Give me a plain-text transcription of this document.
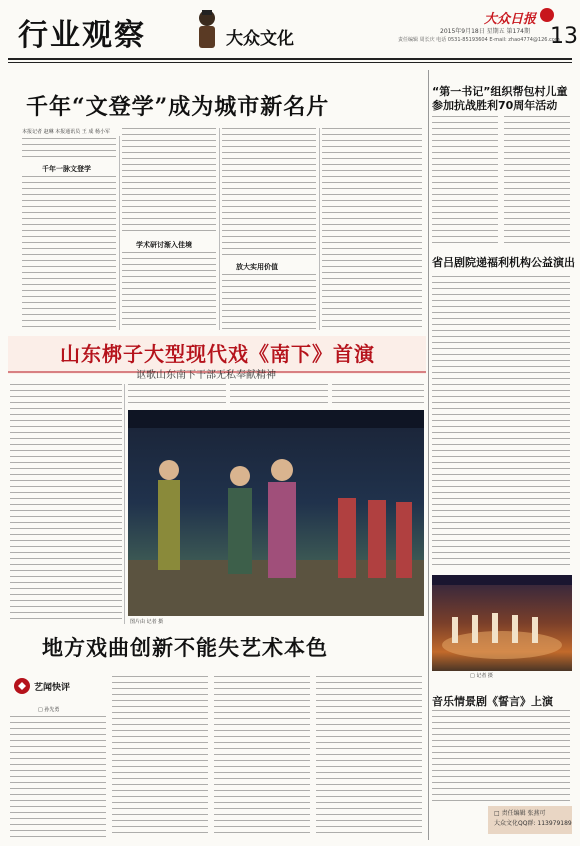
行业观察	大众文化
大众日报
2015年9月18日 星期五 第174期
责任编辑 周长庆 电话 0531-85193604 E-mail: zhao4774@126.com
13
千年“文登学”成为城市新名片
本报记者 赵琳 本报通讯员 王 成 杨小军
千年一脉文登学
学术研讨渐入佳境
放大实用价值
“第一书记”组织帮包村儿童参加抗战胜利70周年活动
省吕剧院递福利机构公益演出
□ 记者 摄
音乐情景剧《誓言》上演
□ 责任编辑 张燕可
大众文化QQ群: 113979189
山东梆子大型现代戏《南下》首演
讴歌山东南下干部无私奉献精神
图片由 记者 摄
地方戏曲创新不能失艺术本色
艺闻快评
□ 孙先勇
